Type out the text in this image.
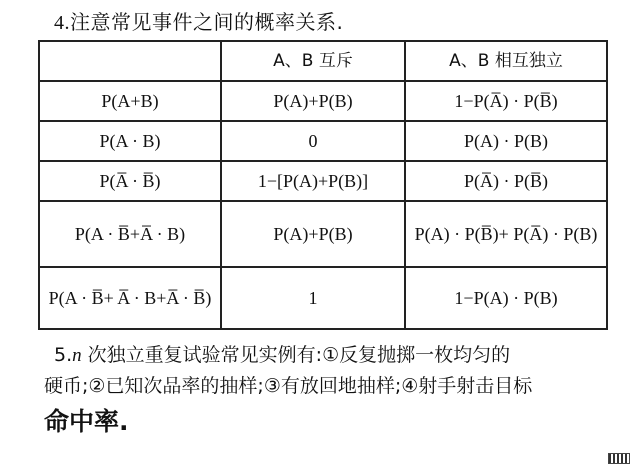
4.注意常见事件之间的概率关系.
	A、B 互斥	A、B 相互独立
P(A+B)	P(A)+P(B)	1−P(A̅) · P(B̅)
P(A · B)	0	P(A) · P(B)
P(A̅ · B̅)	1−[P(A)+P(B)]	P(A̅) · P(B̅)
P(A · B̅+A̅ · B)	P(A)+P(B)	P(A) · P(B̅)+ P(A̅) · P(B)
P(A · B̅+ A̅ · B+A̅ · B̅)	1	1−P(A) · P(B)
5.n 次独立重复试验常见实例有:①反复抛掷一枚均匀的
硬币;②已知次品率的抽样;③有放回地抽样;④射手射击目标
命中率.
